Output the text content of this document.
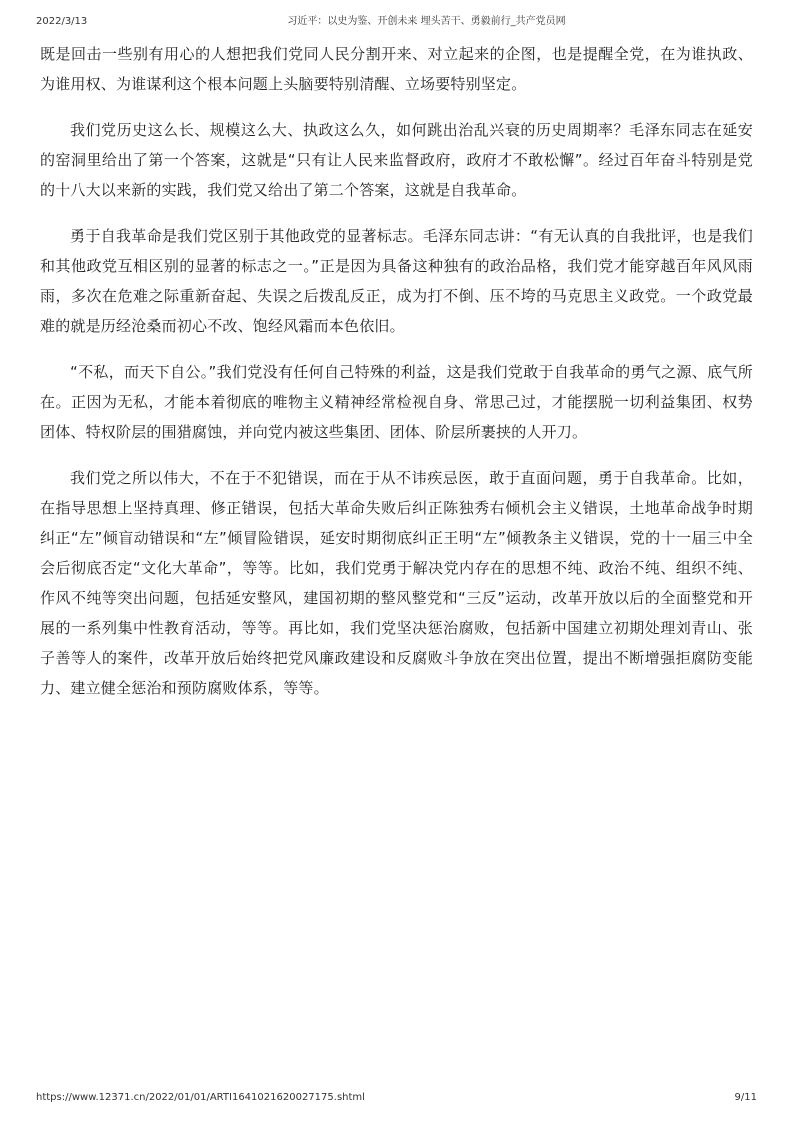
2022/3/13	习近平：以史为鉴、开创未来 埋头苦干、勇毅前行_共产党员网

既是回击一些别有用心的人想把我们党同人民分割开来、对立起来的企图，也是提醒全党，在为谁执政、为谁用权、为谁谋利这个根本问题上头脑要特别清醒、立场要特别坚定。

我们党历史这么长、规模这么大、执政这么久，如何跳出治乱兴衰的历史周期率？毛泽东同志在延安的窑洞里给出了第一个答案，这就是“只有让人民来监督政府，政府才不敢松懈”。经过百年奋斗特别是党的十八大以来新的实践，我们党又给出了第二个答案，这就是自我革命。

勇于自我革命是我们党区别于其他政党的显著标志。毛泽东同志讲：“有无认真的自我批评，也是我们和其他政党互相区别的显著的标志之一。”正是因为具备这种独有的政治品格，我们党才能穿越百年风风雨雨，多次在危难之际重新奋起、失误之后拨乱反正，成为打不倒、压不垮的马克思主义政党。一个政党最难的就是历经沧桑而初心不改、饱经风霜而本色依旧。

“不私，而天下自公。”我们党没有任何自己特殊的利益，这是我们党敢于自我革命的勇气之源、底气所在。正因为无私，才能本着彻底的唯物主义精神经常检视自身、常思己过，才能摆脱一切利益集团、权势团体、特权阶层的围猎腐蚀，并向党内被这些集团、团体、阶层所裹挟的人开刀。

我们党之所以伟大，不在于不犯错误，而在于从不讳疾忌医，敢于直面问题，勇于自我革命。比如，在指导思想上坚持真理、修正错误，包括大革命失败后纠正陈独秀右倾机会主义错误，土地革命战争时期纠正“左”倾盲动错误和“左”倾冒险错误，延安时期彻底纠正王明“左”倾教条主义错误，党的十一届三中全会后彻底否定“文化大革命”，等等。比如，我们党勇于解决党内存在的思想不纯、政治不纯、组织不纯、作风不纯等突出问题，包括延安整风，建国初期的整风整党和“三反”运动，改革开放以后的全面整党和开展的一系列集中性教育活动，等等。再比如，我们党坚决惩治腐败，包括新中国建立初期处理刘青山、张子善等人的案件，改革开放后始终把党风廉政建设和反腐败斗争放在突出位置，提出不断增强拒腐防变能力、建立健全惩治和预防腐败体系，等等。

https://www.12371.cn/2022/01/01/ARTI1641021620027175.shtml	9/11
